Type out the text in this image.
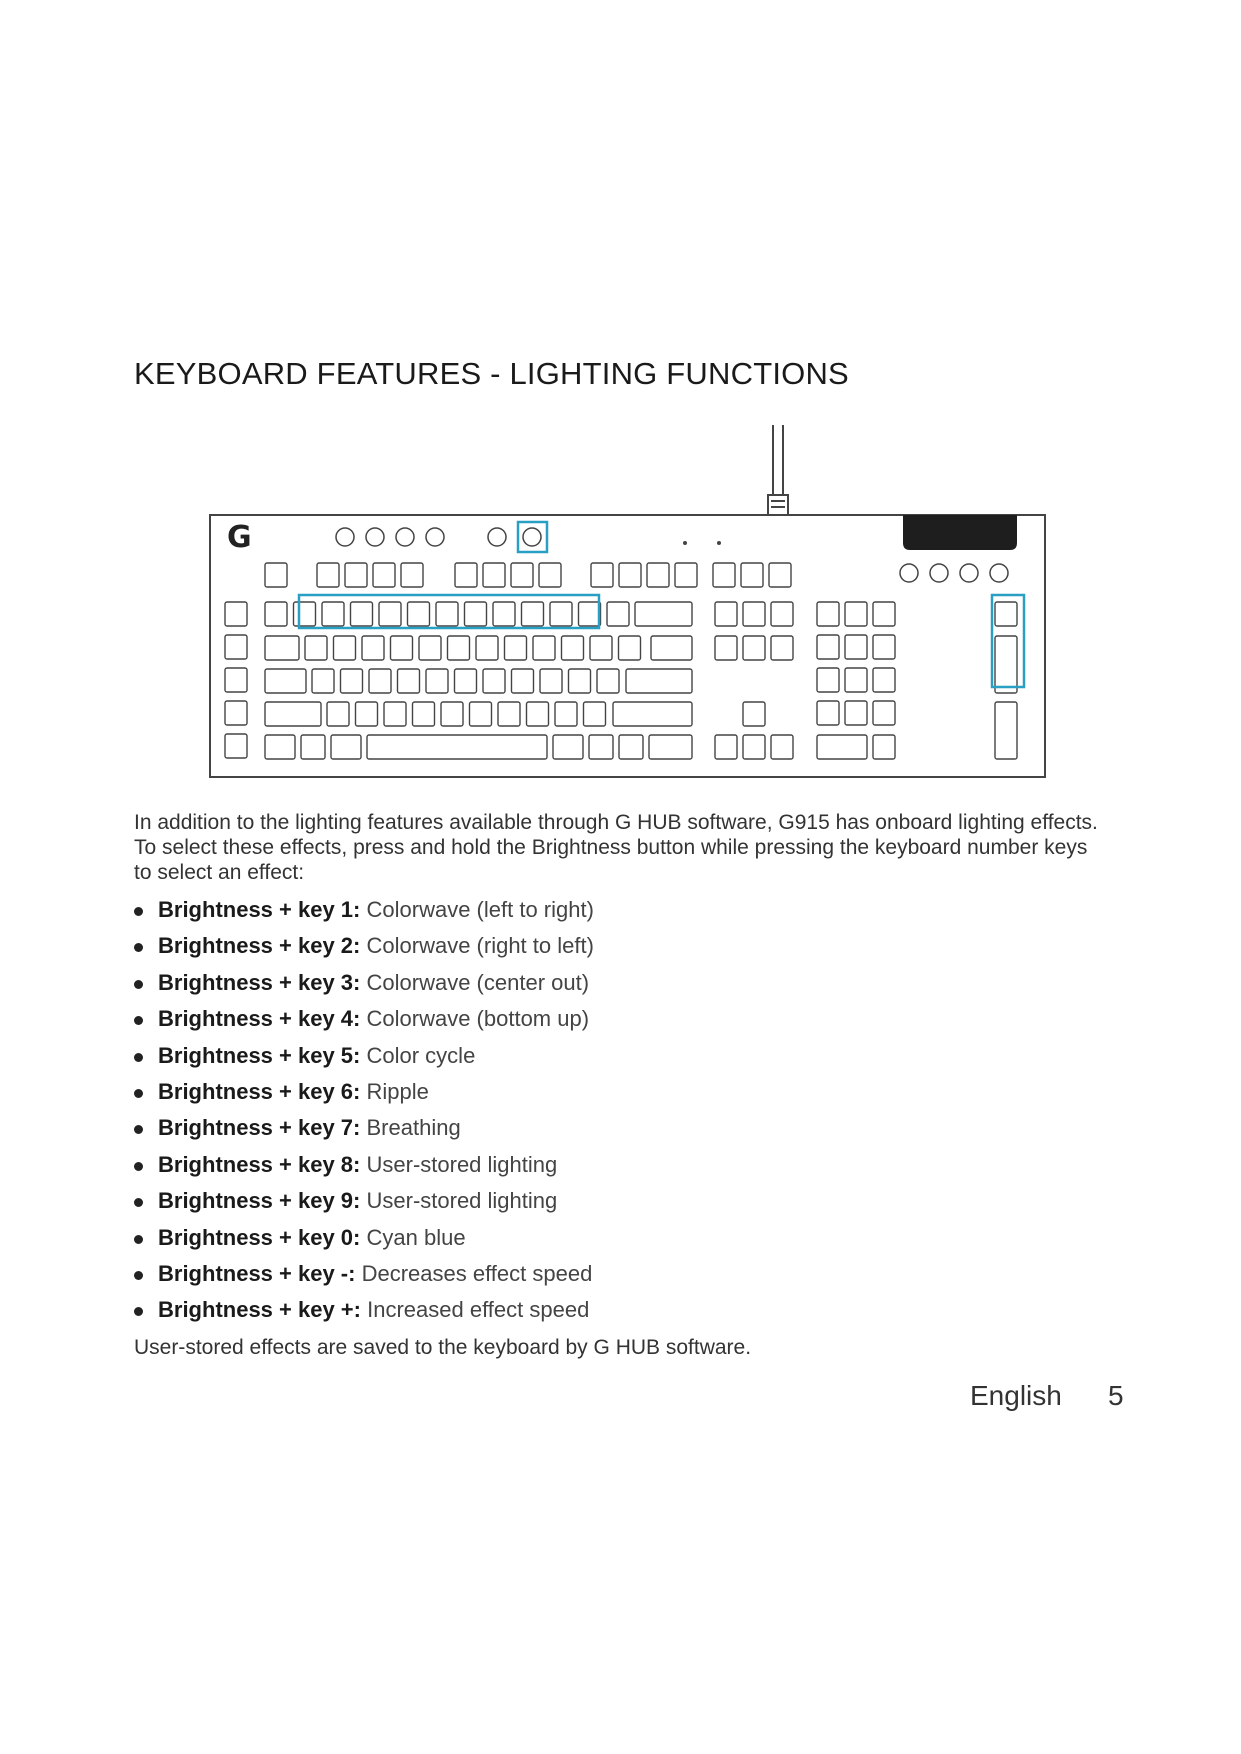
KEYBOARD FEATURES - LIGHTING FUNCTIONS
G

In addition to the lighting features available through G HUB software, G915 has onboard lighting effects. To select these effects, press and hold the Brightness button while pressing the keyboard number keys to select an effect:

Brightness + key 1: Colorwave (left to right)
Brightness + key 2: Colorwave (right to left)
Brightness + key 3: Colorwave (center out)
Brightness + key 4: Colorwave (bottom up)
Brightness + key 5: Color cycle
Brightness + key 6: Ripple
Brightness + key 7: Breathing
Brightness + key 8: User-stored lighting
Brightness + key 9: User-stored lighting
Brightness + key 0: Cyan blue
Brightness + key -: Decreases effect speed
Brightness + key +: Increased effect speed

User-stored effects are saved to the keyboard by G HUB software.

English 5
